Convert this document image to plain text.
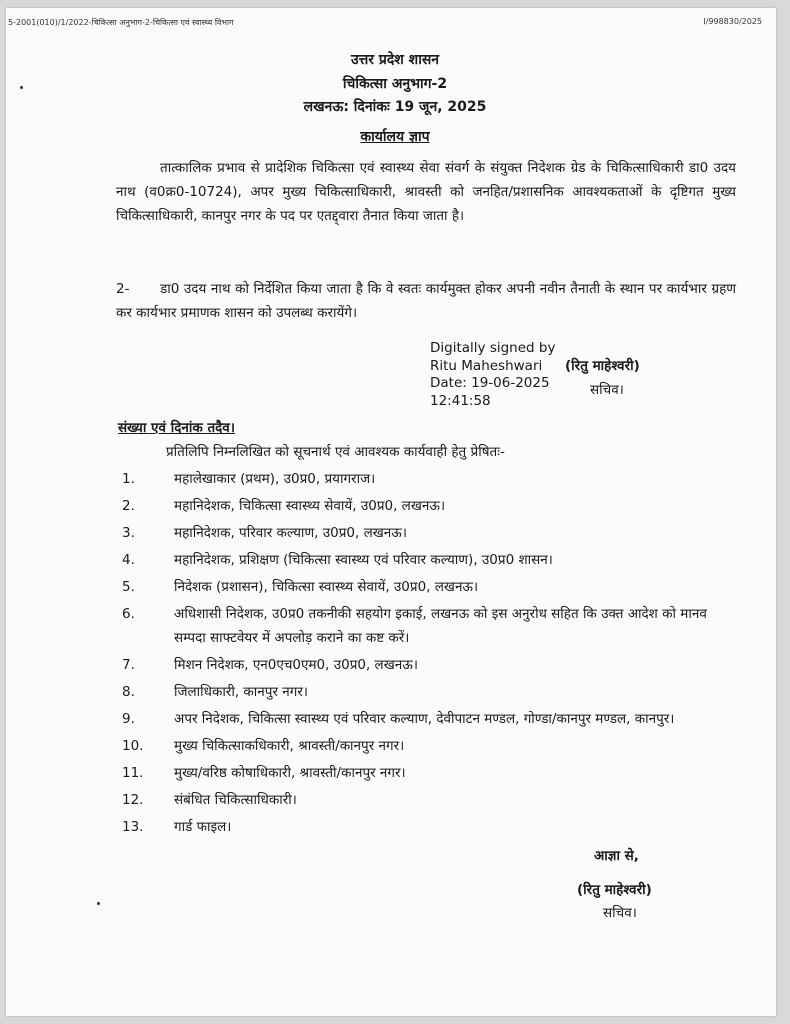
5-2001(010)/1/2022-चिकित्सा अनुभाग-2-चिकित्सा एवं स्वास्थ्य विभाग	I/998830/2025
उत्तर प्रदेश शासन
चिकित्सा अनुभाग-2
लखनऊ: दिनांकः 19 जून, 2025
कार्यालय ज्ञाप
तात्कालिक प्रभाव से प्रादेशिक चिकित्सा एवं स्वास्थ्य सेवा संवर्ग के संयुक्त निदेशक ग्रेड के चिकित्साधिकारी डा0 उदय नाथ (व0क्र0-10724), अपर मुख्य चिकित्साधिकारी, श्रावस्ती को जनहित/प्रशासनिक आवश्यकताओं के दृष्टिगत मुख्य चिकित्साधिकारी, कानपुर नगर के पद पर एतद्द्वारा तैनात किया जाता है।
2- डा0 उदय नाथ को निर्देशित किया जाता है कि वे स्वतः कार्यमुक्त होकर अपनी नवीन तैनाती के स्थान पर कार्यभार ग्रहण कर कार्यभार प्रमाणक शासन को उपलब्ध करायेंगे।
Digitally signed by
Ritu Maheshwari
Date: 19-06-2025
12:41:58
(रितु माहेश्वरी)
सचिव।
संख्या एवं दिनांक तदैव।
प्रतिलिपि निम्नलिखित को सूचनार्थ एवं आवश्यक कार्यवाही हेतु प्रेषितः-
1.	महालेखाकार (प्रथम), उ0प्र0, प्रयागराज।
2.	महानिदेशक, चिकित्सा स्वास्थ्य सेवायें, उ0प्र0, लखनऊ।
3.	महानिदेशक, परिवार कल्याण, उ0प्र0, लखनऊ।
4.	महानिदेशक, प्रशिक्षण (चिकित्सा स्वास्थ्य एवं परिवार कल्याण), उ0प्र0 शासन।
5.	निदेशक (प्रशासन), चिकित्सा स्वास्थ्य सेवायें, उ0प्र0, लखनऊ।
6.	अधिशासी निदेशक, उ0प्र0 तकनीकी सहयोग इकाई, लखनऊ को इस अनुरोध सहित कि उक्त आदेश को मानव सम्पदा साफ्टवेयर में अपलोड़ कराने का कष्ट करें।
7.	मिशन निदेशक, एन0एच0एम0, उ0प्र0, लखनऊ।
8.	जिलाधिकारी, कानपुर नगर।
9.	अपर निदेशक, चिकित्सा स्वास्थ्य एवं परिवार कल्याण, देवीपाटन मण्डल, गोण्डा/कानपुर मण्डल, कानपुर।
10.	मुख्य चिकित्साकधिकारी, श्रावस्ती/कानपुर नगर।
11.	मुख्य/वरिष्ठ कोषाधिकारी, श्रावस्ती/कानपुर नगर।
12.	संबंधित चिकित्साधिकारी।
13.	गार्ड फाइल।
आज्ञा से,
(रितु माहेश्वरी)
सचिव।
